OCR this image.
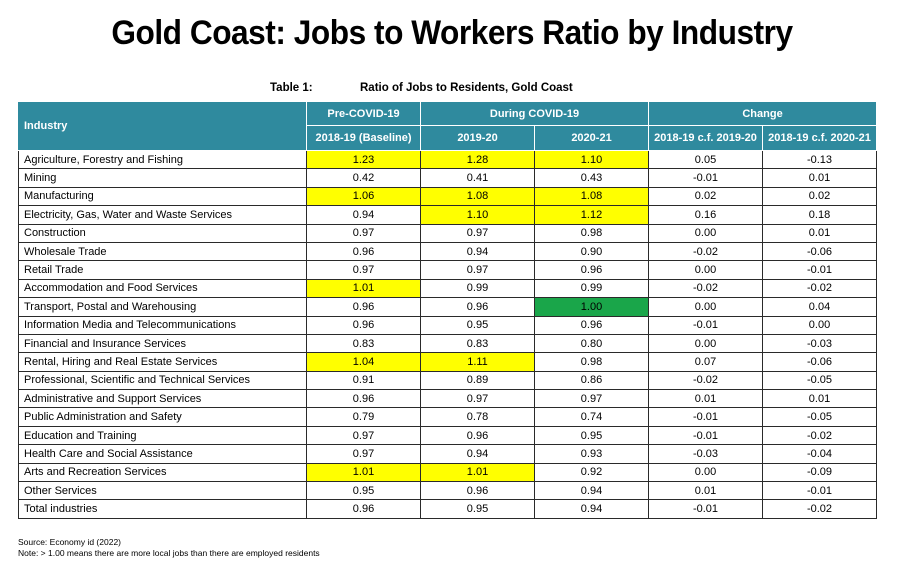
Gold Coast: Jobs to Workers Ratio by Industry
Table 1:	Ratio of Jobs to Residents, Gold Coast
Industry	Pre-COVID-19	During COVID-19		Change	
	2018-19 (Baseline)	2019-20	2020-21	2018-19 c.f. 2019-20	2018-19 c.f. 2020-21
Agriculture, Forestry and Fishing	1.23	1.28	1.10	0.05	-0.13
Mining	0.42	0.41	0.43	-0.01	0.01
Manufacturing	1.06	1.08	1.08	0.02	0.02
Electricity, Gas, Water and Waste Services	0.94	1.10	1.12	0.16	0.18
Construction	0.97	0.97	0.98	0.00	0.01
Wholesale Trade	0.96	0.94	0.90	-0.02	-0.06
Retail Trade	0.97	0.97	0.96	0.00	-0.01
Accommodation and Food Services	1.01	0.99	0.99	-0.02	-0.02
Transport, Postal and Warehousing	0.96	0.96	1.00	0.00	0.04
Information Media and Telecommunications	0.96	0.95	0.96	-0.01	0.00
Financial and Insurance Services	0.83	0.83	0.80	0.00	-0.03
Rental, Hiring and Real Estate Services	1.04	1.11	0.98	0.07	-0.06
Professional, Scientific and Technical Services	0.91	0.89	0.86	-0.02	-0.05
Administrative and Support Services	0.96	0.97	0.97	0.01	0.01
Public Administration and Safety	0.79	0.78	0.74	-0.01	-0.05
Education and Training	0.97	0.96	0.95	-0.01	-0.02
Health Care and Social Assistance	0.97	0.94	0.93	-0.03	-0.04
Arts and Recreation Services	1.01	1.01	0.92	0.00	-0.09
Other Services	0.95	0.96	0.94	0.01	-0.01
Total industries	0.96	0.95	0.94	-0.01	-0.02
Source: Economy id (2022)
Note: > 1.00 means there are more local jobs than there are employed residents
